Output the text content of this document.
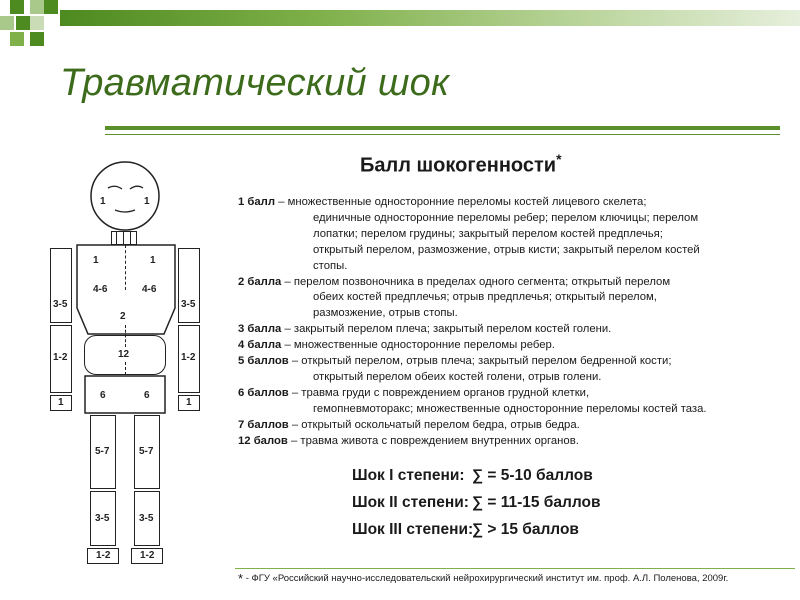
Травматический шок
Балл шокогенности*
1	1
1	1
4-6	4-6
2
12
6	6
3-5
1-2
1
3-5
1-2
1
5-7
3-5
1-2
5-7
3-5
1-2
1 балл – множественные односторонние переломы костей лицевого скелета;
единичные односторонние переломы ребер; перелом ключицы; перелом
лопатки; перелом грудины; закрытый перелом костей предплечья;
открытый перелом, размозжение, отрыв кисти; закрытый перелом костей
стопы.
2 балла – перелом позвоночника в пределах одного сегмента; открытый перелом
обеих костей предплечья; отрыв предплечья; открытый перелом,
размозжение, отрыв стопы.
3 балла – закрытый перелом плеча; закрытый перелом костей голени.
4 балла – множественные односторонние переломы ребер.
5 баллов – открытый перелом, отрыв плеча; закрытый перелом бедренной кости;
открытый перелом обеих костей голени, отрыв голени.
6 баллов – травма груди с повреждением органов грудной клетки,
гемопневмоторакс; множественные односторонние переломы костей таза.
7 баллов – открытый оскольчатый перелом бедра, отрыв бедра.
12 балов – травма живота с повреждением внутренних органов.
Шок I степени: ∑ = 5-10 баллов
Шок II степени: ∑ = 11-15 баллов
Шок III степени:∑ > 15 баллов
* - ФГУ «Российский научно-исследовательский нейрохирургический институт им. проф. А.Л. Поленова, 2009г.
